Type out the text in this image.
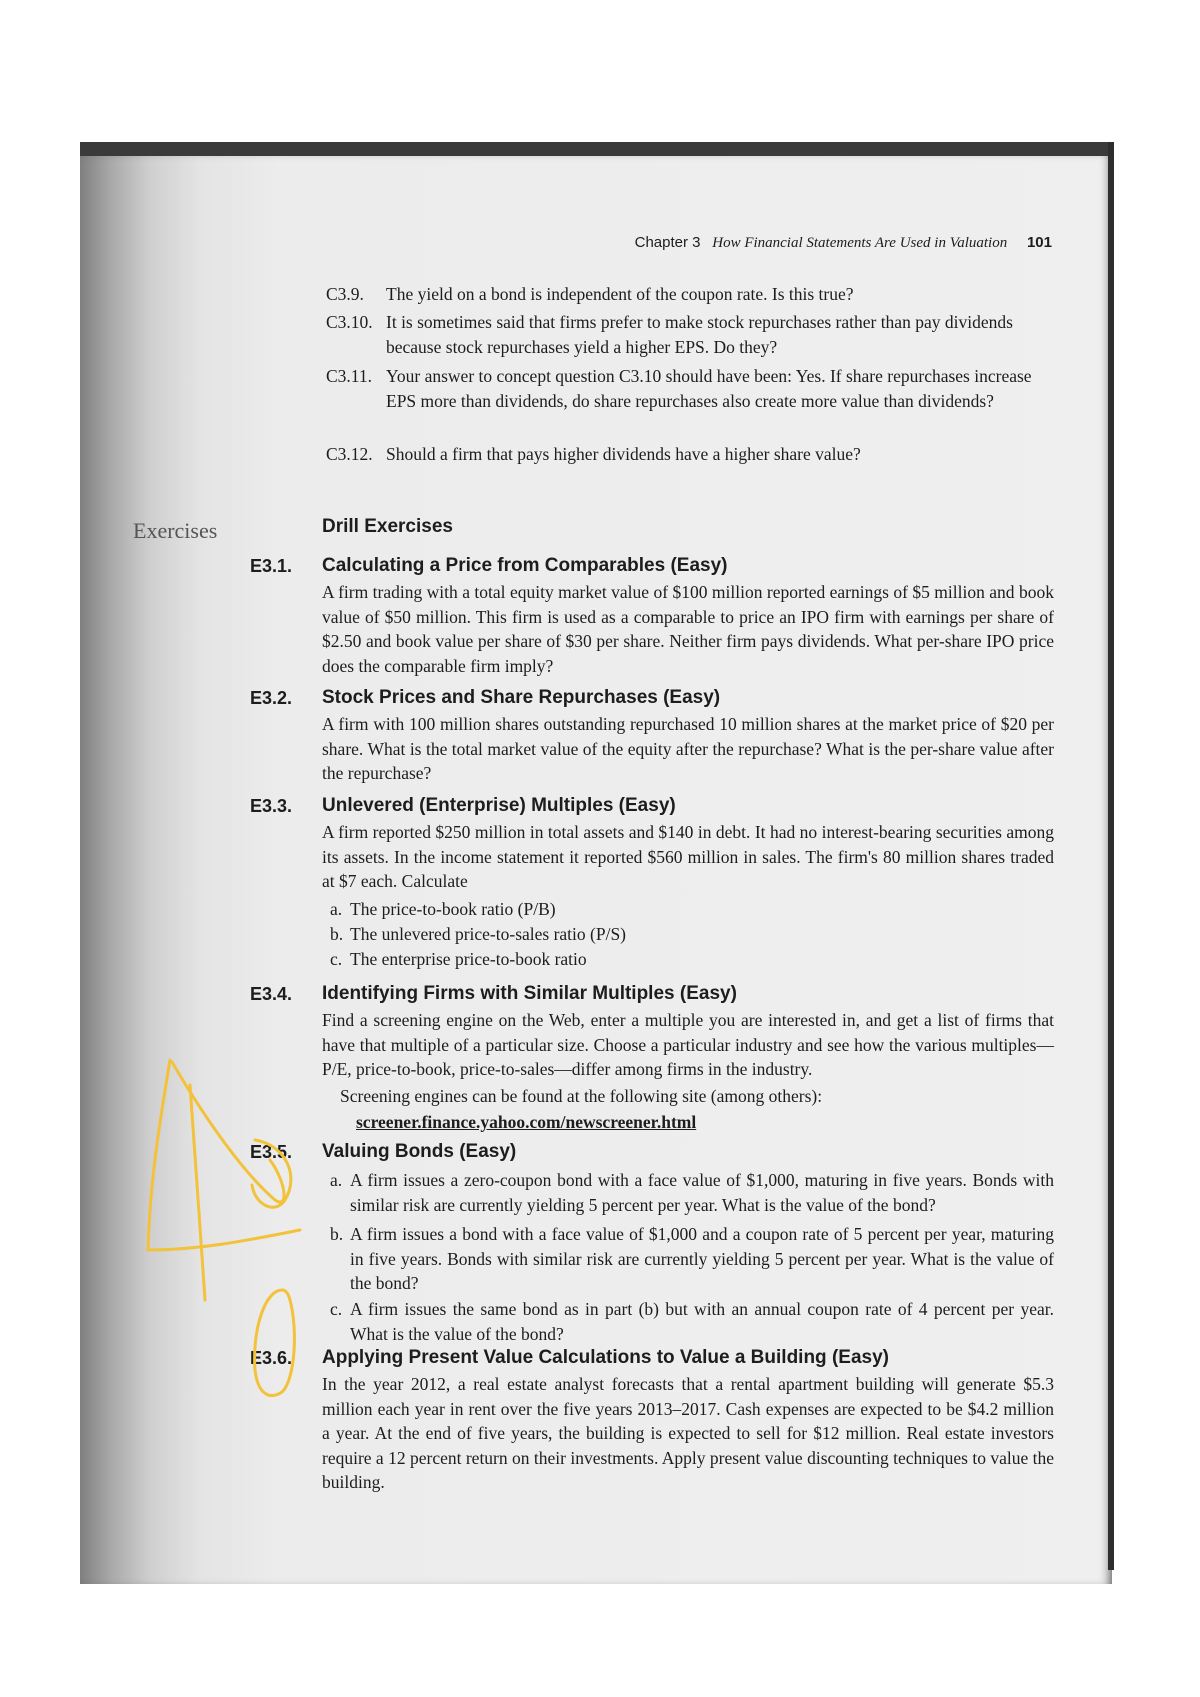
Chapter 3 How Financial Statements Are Used in Valuation 101
C3.9. The yield on a bond is independent of the coupon rate. Is this true?
C3.10. It is sometimes said that firms prefer to make stock repurchases rather than pay dividends because stock repurchases yield a higher EPS. Do they?
C3.11. Your answer to concept question C3.10 should have been: Yes. If share repurchases increase EPS more than dividends, do share repurchases also create more value than dividends?
C3.12. Should a firm that pays higher dividends have a higher share value?
Exercises	Drill Exercises
E3.1. Calculating a Price from Comparables (Easy)
A firm trading with a total equity market value of $100 million reported earnings of $5 million and book value of $50 million. This firm is used as a comparable to price an IPO firm with earnings per share of $2.50 and book value per share of $30 per share. Neither firm pays dividends. What per-share IPO price does the comparable firm imply?
E3.2. Stock Prices and Share Repurchases (Easy)
A firm with 100 million shares outstanding repurchased 10 million shares at the market price of $20 per share. What is the total market value of the equity after the repurchase? What is the per-share value after the repurchase?
E3.3. Unlevered (Enterprise) Multiples (Easy)
A firm reported $250 million in total assets and $140 in debt. It had no interest-bearing securities among its assets. In the income statement it reported $560 million in sales. The firm's 80 million shares traded at $7 each. Calculate
a. The price-to-book ratio (P/B)
b. The unlevered price-to-sales ratio (P/S)
c. The enterprise price-to-book ratio
E3.4. Identifying Firms with Similar Multiples (Easy)
Find a screening engine on the Web, enter a multiple you are interested in, and get a list of firms that have that multiple of a particular size. Choose a particular industry and see how the various multiples—P/E, price-to-book, price-to-sales—differ among firms in the industry.
Screening engines can be found at the following site (among others):
screener.finance.yahoo.com/newscreener.html
E3.5. Valuing Bonds (Easy)
a. A firm issues a zero-coupon bond with a face value of $1,000, maturing in five years. Bonds with similar risk are currently yielding 5 percent per year. What is the value of the bond?
b. A firm issues a bond with a face value of $1,000 and a coupon rate of 5 percent per year, maturing in five years. Bonds with similar risk are currently yielding 5 percent per year. What is the value of the bond?
c. A firm issues the same bond as in part (b) but with an annual coupon rate of 4 percent per year. What is the value of the bond?
E3.6. Applying Present Value Calculations to Value a Building (Easy)
In the year 2012, a real estate analyst forecasts that a rental apartment building will generate $5.3 million each year in rent over the five years 2013–2017. Cash expenses are expected to be $4.2 million a year. At the end of five years, the building is expected to sell for $12 million. Real estate investors require a 12 percent return on their investments. Apply present value discounting techniques to value the building.
